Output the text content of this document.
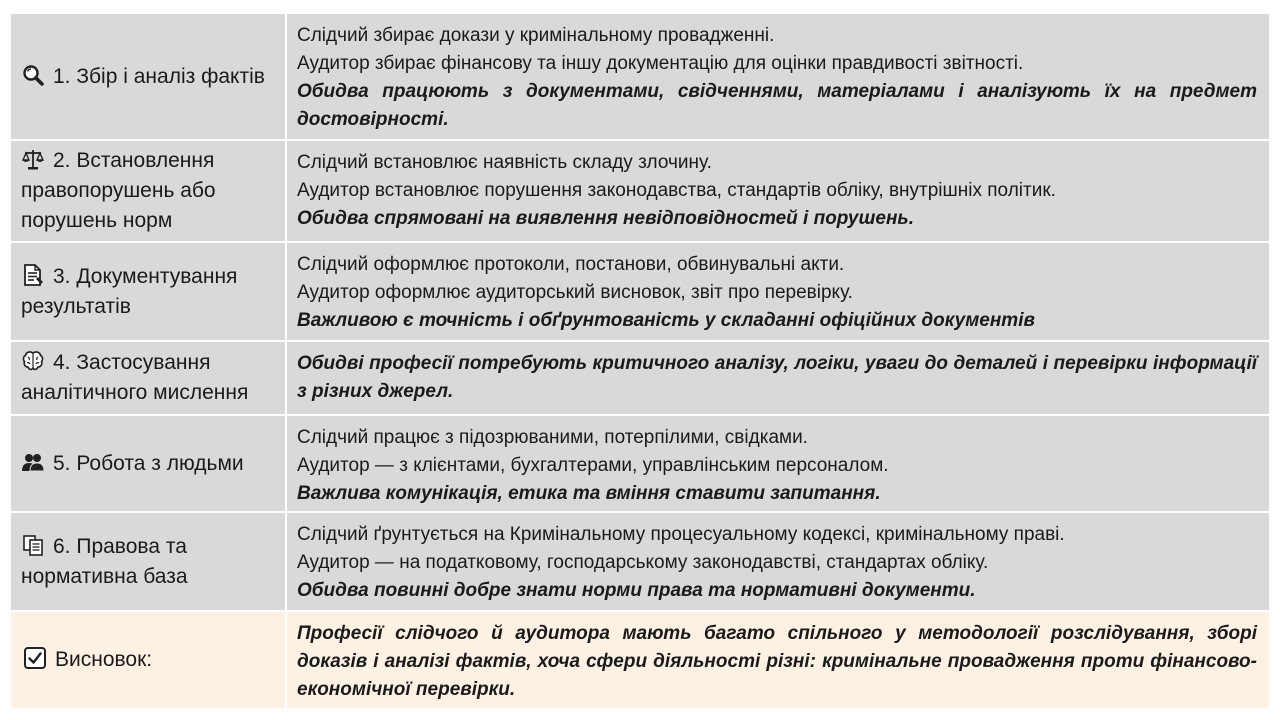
1. Збір і аналіз фактів
Слідчий збирає докази у кримінальному провадженні.
Аудитор збирає фінансову та іншу документацію для оцінки правдивості звітності.
Обидва працюють з документами, свідченнями, матеріалами і аналізують їх на предмет достовірності.
2. Встановлення правопорушень або порушень норм
Слідчий встановлює наявність складу злочину.
Аудитор встановлює порушення законодавства, стандартів обліку, внутрішніх політик.
Обидва спрямовані на виявлення невідповідностей і порушень.
3. Документування результатів
Слідчий оформлює протоколи, постанови, обвинувальні акти.
Аудитор оформлює аудиторський висновок, звіт про перевірку.
Важливою є точність і обґрунтованість у складанні офіційних документів
4. Застосування аналітичного мислення
Обидві професії потребують критичного аналізу, логіки, уваги до деталей і перевірки інформації з різних джерел.
5. Робота з людьми
Слідчий працює з підозрюваними, потерпілими, свідками.
Аудитор — з клієнтами, бухгалтерами, управлінським персоналом.
Важлива комунікація, етика та вміння ставити запитання.
6. Правова та нормативна база
Слідчий ґрунтується на Кримінальному процесуальному кодексі, кримінальному праві.
Аудитор — на податковому, господарському законодавстві, стандартах обліку.
Обидва повинні добре знати норми права та нормативні документи.
Висновок:
Професії слідчого й аудитора мають багато спільного у методології розслідування, зборі доказів і аналізі фактів, хоча сфери діяльності різні: кримінальне провадження проти фінансово-економічної перевірки.
